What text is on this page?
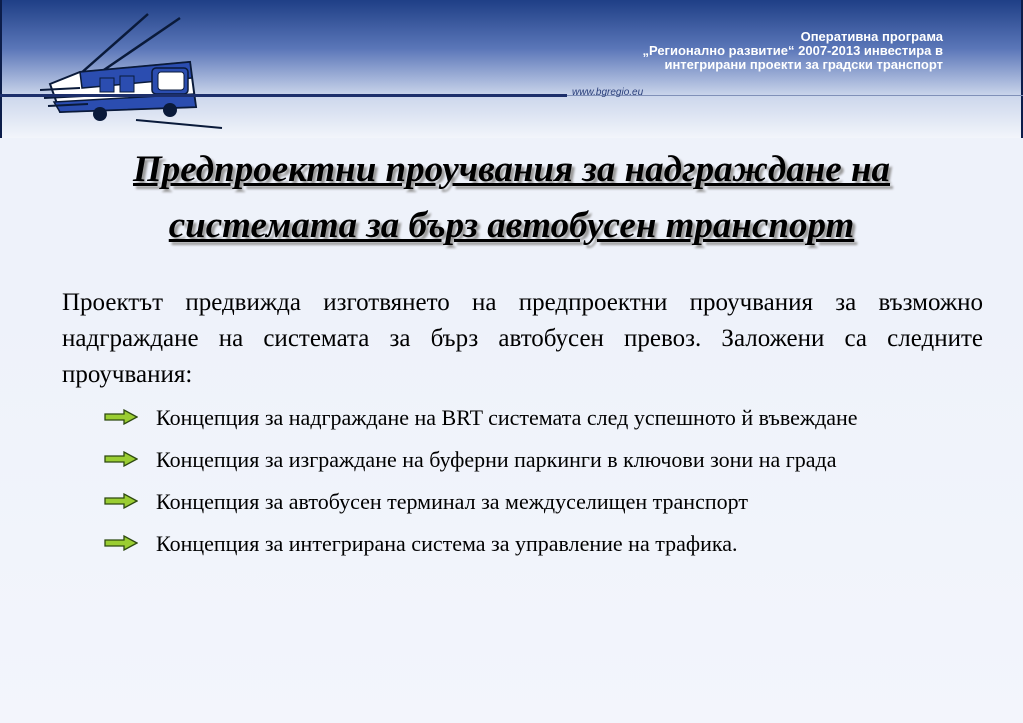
Оперативна програма
„Регионално развитие“ 2007-2013 инвестира в
интегрирани проекти за градски транспорт
www.bgregio.eu
Предпроектни проучвания за надграждане на
системата за бърз автобусен транспорт
Проектът предвижда изготвянето на предпроектни проучвания за възможно надграждане на системата за бърз автобусен превоз. Заложени са следните проучвания:
Концепция за надграждане на BRT системата след успешното й въвеждане
Концепция за изграждане на буферни паркинги в ключови зони на града
Концепция за автобусен терминал за междуселищен транспорт
Концепция за интегрирана система за управление на трафика.
